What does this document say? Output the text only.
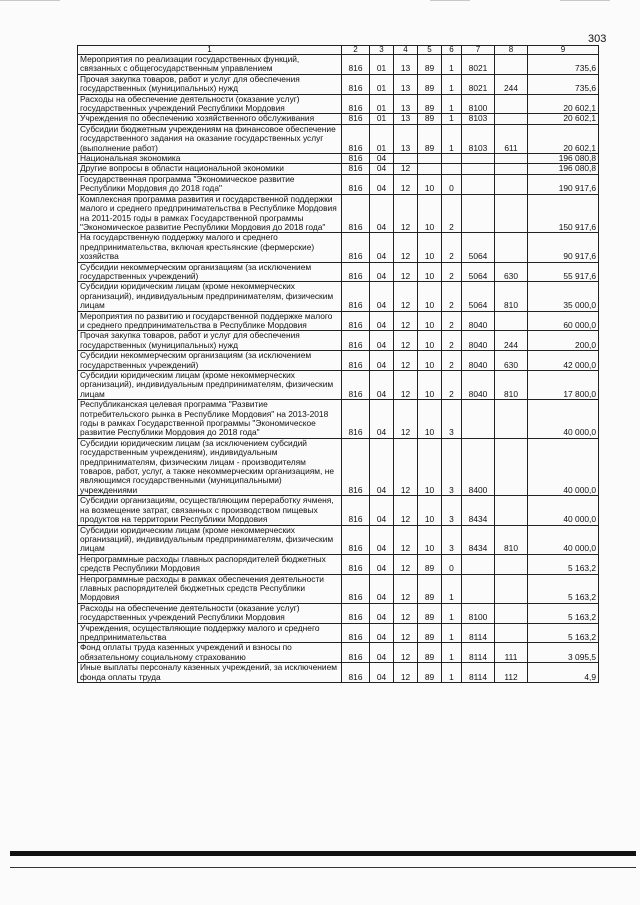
303
1	2	3	4	5	6	7	8	9
Мероприятия по реализации государственных функций, связанных с общегосударственным управлением	816	01	13	89	1	8021		735,6
Прочая закупка товаров, работ и услуг для обеспечения государственных (муниципальных) нужд	816	01	13	89	1	8021	244	735,6
Расходы на обеспечение деятельности (оказание услуг) государственных учреждений Республики Мордовия	816	01	13	89	1	8100		20 602,1
Учреждения по обеспечению хозяйственного обслуживания	816	01	13	89	1	8103		20 602,1
Субсидии бюджетным учреждениям на финансовое обеспечение государственного задания на оказание государственных услуг (выполнение работ)	816	01	13	89	1	8103	611	20 602,1
Национальная экономика	816	04						196 080,8
Другие вопросы в области национальной экономики	816	04	12					196 080,8
Государственная программа "Экономическое развитие Республики Мордовия до 2018 года"	816	04	12	10	0			190 917,6
Комплексная программа развития и государственной поддержки малого и среднего предпринимательства в Республике Мордовия на 2011-2015 годы в рамках Государственной программы "Экономическое развитие Республики Мордовия до 2018 года"	816	04	12	10	2			150 917,6
На государственную поддержку малого и среднего предпринимательства, включая крестьянские (фермерские) хозяйства	816	04	12	10	2	5064		90 917,6
Субсидии некоммерческим организациям (за исключением государственных учреждений)	816	04	12	10	2	5064	630	55 917,6
Субсидии юридическим лицам (кроме некоммерческих организаций), индивидуальным предпринимателям, физическим лицам	816	04	12	10	2	5064	810	35 000,0
Мероприятия по развитию и государственной поддержке малого и среднего предпринимательства в Республике Мордовия	816	04	12	10	2	8040		60 000,0
Прочая закупка товаров, работ и услуг для обеспечения государственных (муниципальных) нужд	816	04	12	10	2	8040	244	200,0
Субсидии некоммерческим организациям (за исключением государственных учреждений)	816	04	12	10	2	8040	630	42 000,0
Субсидии юридическим лицам (кроме некоммерческих организаций), индивидуальным предпринимателям, физическим лицам	816	04	12	10	2	8040	810	17 800,0
Республиканская целевая программа "Развитие потребительского рынка в Республике Мордовия" на 2013-2018 годы в рамках Государственной программы "Экономическое развитие Республики Мордовия до 2018 года"	816	04	12	10	3			40 000,0
Субсидии юридическим лицам (за исключением субсидий государственным учреждениям), индивидуальным предпринимателям, физическим лицам - производителям товаров, работ, услуг, а также некоммерческим организациям, не являющимся государственными (муниципальными) учреждениями	816	04	12	10	3	8400		40 000,0
Субсидии организациям, осуществляющим переработку ячменя, на возмещение затрат, связанных с производством пищевых продуктов на территории Республики Мордовия	816	04	12	10	3	8434		40 000,0
Субсидии юридическим лицам (кроме некоммерческих организаций), индивидуальным предпринимателям, физическим лицам	816	04	12	10	3	8434	810	40 000,0
Непрограммные расходы главных распорядителей бюджетных средств Республики Мордовия	816	04	12	89	0			5 163,2
Непрограммные расходы в рамках обеспечения деятельности главных распорядителей бюджетных средств Республики Мордовия	816	04	12	89	1			5 163,2
Расходы на обеспечение деятельности (оказание услуг) государственных учреждений Республики Мордовия	816	04	12	89	1	8100		5 163,2
Учреждения, осуществляющие поддержку малого и среднего предпринимательства	816	04	12	89	1	8114		5 163,2
Фонд оплаты труда казенных учреждений и взносы по обязательному социальному страхованию	816	04	12	89	1	8114	111	3 095,5
Иные выплаты персоналу казенных учреждений, за исключением фонда оплаты труда	816	04	12	89	1	8114	112	4,9
